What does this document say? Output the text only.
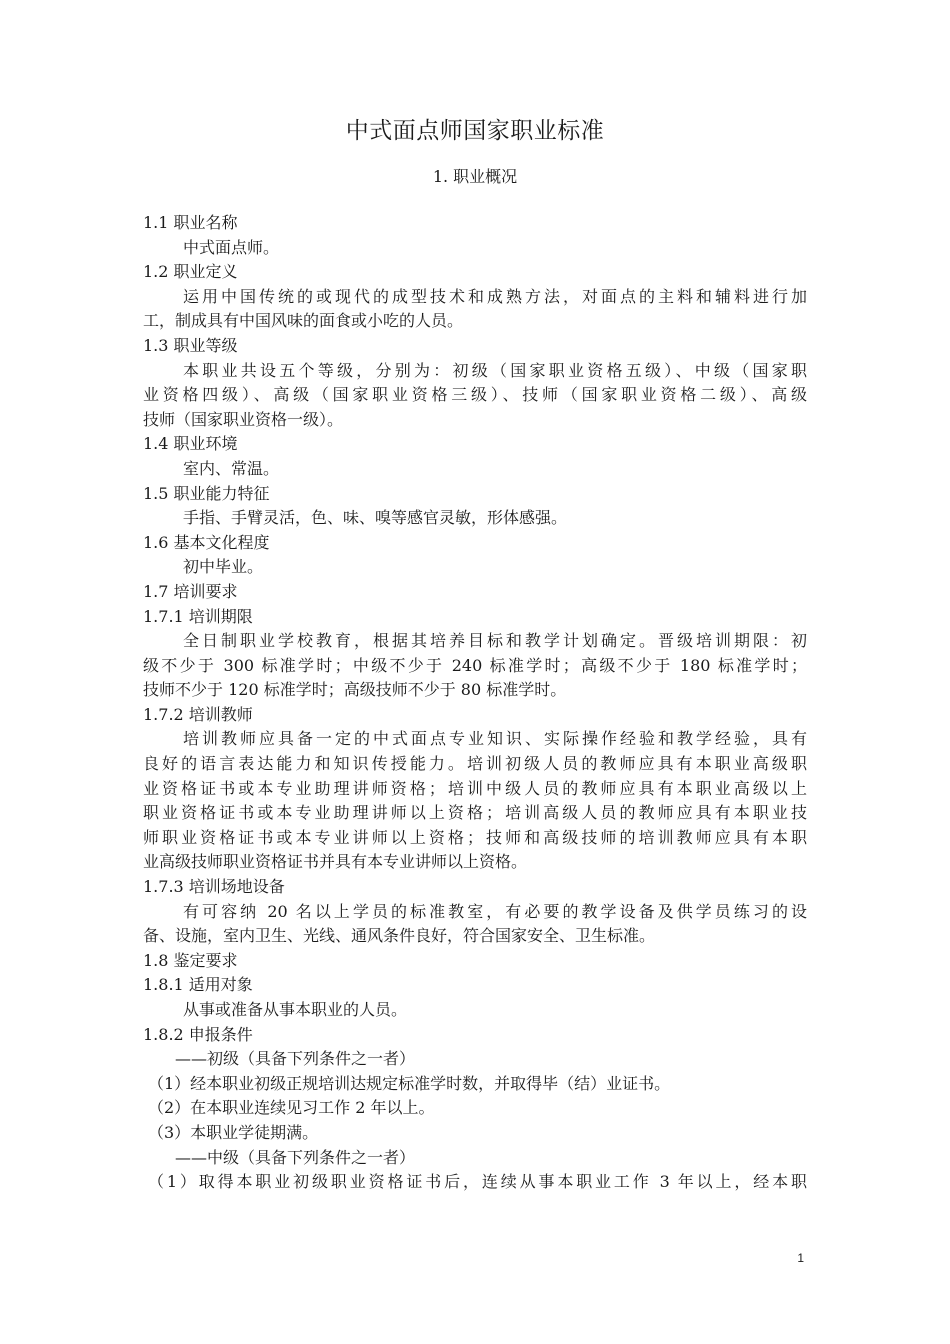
中式面点师国家职业标准
1. 职业概况
1.1 职业名称
中式面点师。
1.2 职业定义
运用中国传统的或现代的成型技术和成熟方法，对面点的主料和辅料进行加
工，制成具有中国风味的面食或小吃的人员。
1.3 职业等级
本职业共设五个等级，分别为：初级（国家职业资格五级）、中级（国家职
业资格四级）、高级（国家职业资格三级）、技师（国家职业资格二级）、高级
技师（国家职业资格一级）。
1.4 职业环境
室内、常温。
1.5 职业能力特征
手指、手臂灵活，色、味、嗅等感官灵敏，形体感强。
1.6 基本文化程度
初中毕业。
1.7 培训要求
1.7.1 培训期限
全日制职业学校教育，根据其培养目标和教学计划确定。晋级培训期限：初
级不少于 300 标准学时；中级不少于 240 标准学时；高级不少于 180 标准学时；
技师不少于 120 标准学时；高级技师不少于 80 标准学时。
1.7.2 培训教师
培训教师应具备一定的中式面点专业知识、实际操作经验和教学经验，具有
良好的语言表达能力和知识传授能力。培训初级人员的教师应具有本职业高级职
业资格证书或本专业助理讲师资格；培训中级人员的教师应具有本职业高级以上
职业资格证书或本专业助理讲师以上资格；培训高级人员的教师应具有本职业技
师职业资格证书或本专业讲师以上资格；技师和高级技师的培训教师应具有本职
业高级技师职业资格证书并具有本专业讲师以上资格。
1.7.3 培训场地设备
有可容纳 20 名以上学员的标准教室，有必要的教学设备及供学员练习的设
备、设施，室内卫生、光线、通风条件良好，符合国家安全、卫生标准。
1.8 鉴定要求
1.8.1 适用对象
从事或准备从事本职业的人员。
1.8.2 申报条件
——初级（具备下列条件之一者）
（1）经本职业初级正规培训达规定标准学时数，并取得毕（结）业证书。
（2）在本职业连续见习工作 2 年以上。
（3）本职业学徒期满。
——中级（具备下列条件之一者）
（1）取得本职业初级职业资格证书后，连续从事本职业工作 3 年以上，经本职
1
